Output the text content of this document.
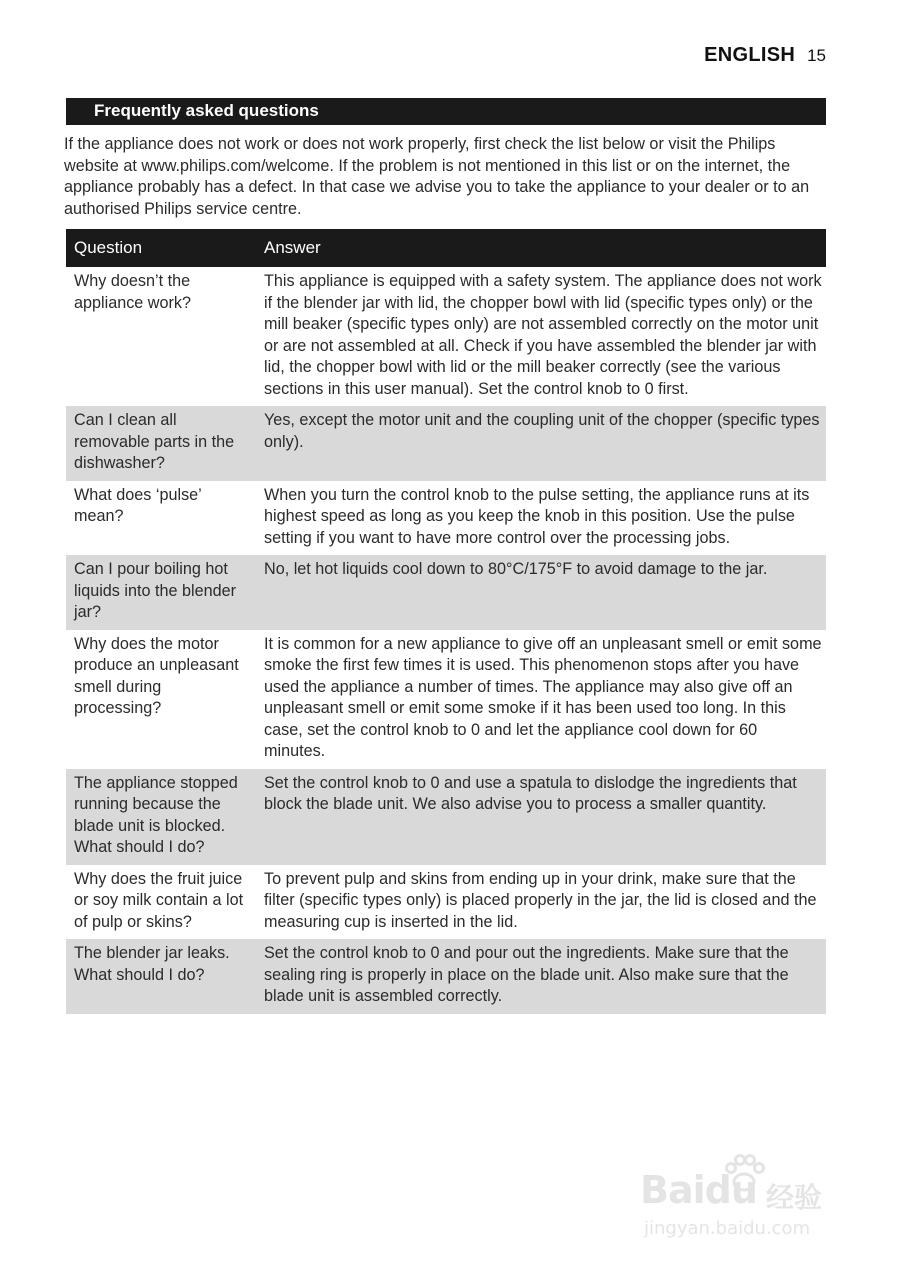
ENGLISH 15
Frequently asked questions

If the appliance does not work or does not work properly, first check the list below or visit the Philips website at www.philips.com/welcome. If the problem is not mentioned in this list or on the internet, the appliance probably has a defect. In that case we advise you to take the appliance to your dealer or to an authorised Philips service centre.

Question	Answer
Why doesn’t the appliance work?	This appliance is equipped with a safety system. The appliance does not work if the blender jar with lid, the chopper bowl with lid (specific types only) or the mill beaker (specific types only) are not assembled correctly on the motor unit or are not assembled at all. Check if you have assembled the blender jar with lid, the chopper bowl with lid or the mill beaker correctly (see the various sections in this user manual). Set the control knob to 0 first.
Can I clean all removable parts in the dishwasher?	Yes, except the motor unit and the coupling unit of the chopper (specific types only).
What does ‘pulse’ mean?	When you turn the control knob to the pulse setting, the appliance runs at its highest speed as long as you keep the knob in this position. Use the pulse setting if you want to have more control over the processing jobs.
Can I pour boiling hot liquids into the blender jar?	No, let hot liquids cool down to 80°C/175°F to avoid damage to the jar.
Why does the motor produce an unpleasant smell during processing?	It is common for a new appliance to give off an unpleasant smell or emit some smoke the first few times it is used. This phenomenon stops after you have used the appliance a number of times. The appliance may also give off an unpleasant smell or emit some smoke if it has been used too long. In this case, set the control knob to 0 and let the appliance cool down for 60 minutes.
The appliance stopped running because the blade unit is blocked. What should I do?	Set the control knob to 0 and use a spatula to dislodge the ingredients that block the blade unit. We also advise you to process a smaller quantity.
Why does the fruit juice or soy milk contain a lot of pulp or skins?	To prevent pulp and skins from ending up in your drink, make sure that the filter (specific types only) is placed properly in the jar, the lid is closed and the measuring cup is inserted in the lid.
The blender jar leaks. What should I do?	Set the control knob to 0 and pour out the ingredients. Make sure that the sealing ring is properly in place on the blade unit. Also make sure that the blade unit is assembled correctly.
Baidu 经验
jingyan.baidu.com
